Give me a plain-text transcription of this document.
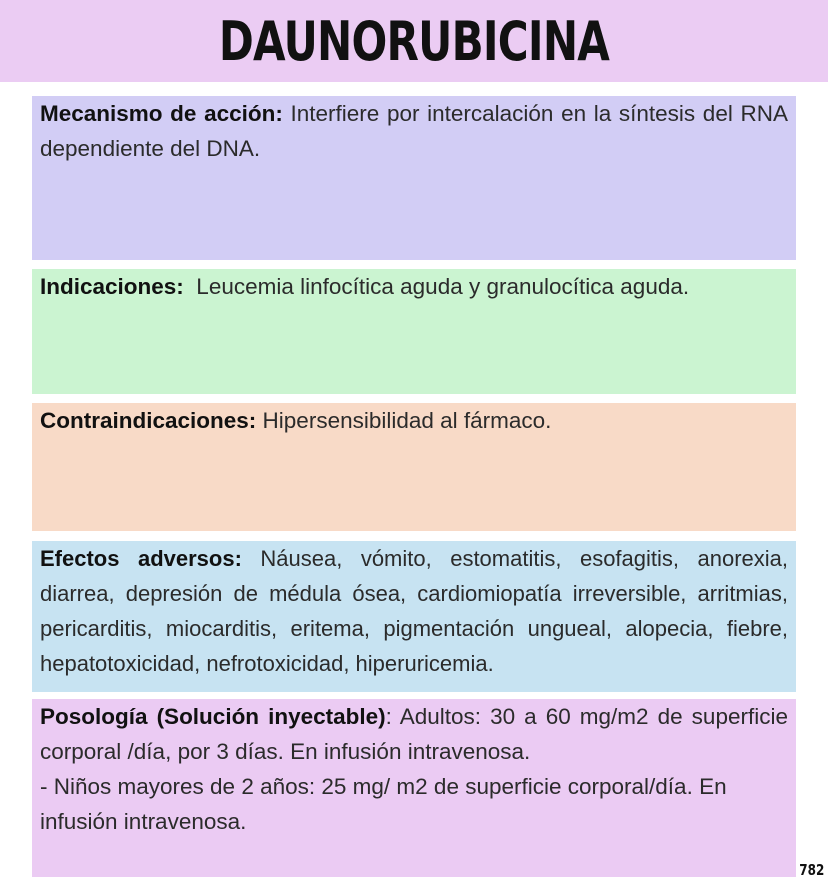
DAUNORUBICINA

Mecanismo de acción: Interfiere por intercalación en la síntesis del RNA dependiente del DNA.

Indicaciones:  Leucemia linfocítica aguda y granulocítica aguda.

Contraindicaciones: Hipersensibilidad al fármaco.

Efectos adversos: Náusea, vómito, estomatitis, esofagitis, anorexia, diarrea, depresión de médula ósea, cardiomiopatía irreversible, arritmias, pericarditis, miocarditis, eritema, pigmentación ungueal, alopecia, fiebre, hepatotoxicidad, nefrotoxicidad, hiperuricemia.

Posología (Solución inyectable): Adultos: 30 a 60 mg/m2 de superficie corporal /día, por 3 días. En infusión intravenosa.

- Niños mayores de 2 años: 25 mg/ m2 de superficie corporal/día. En infusión intravenosa.

782
